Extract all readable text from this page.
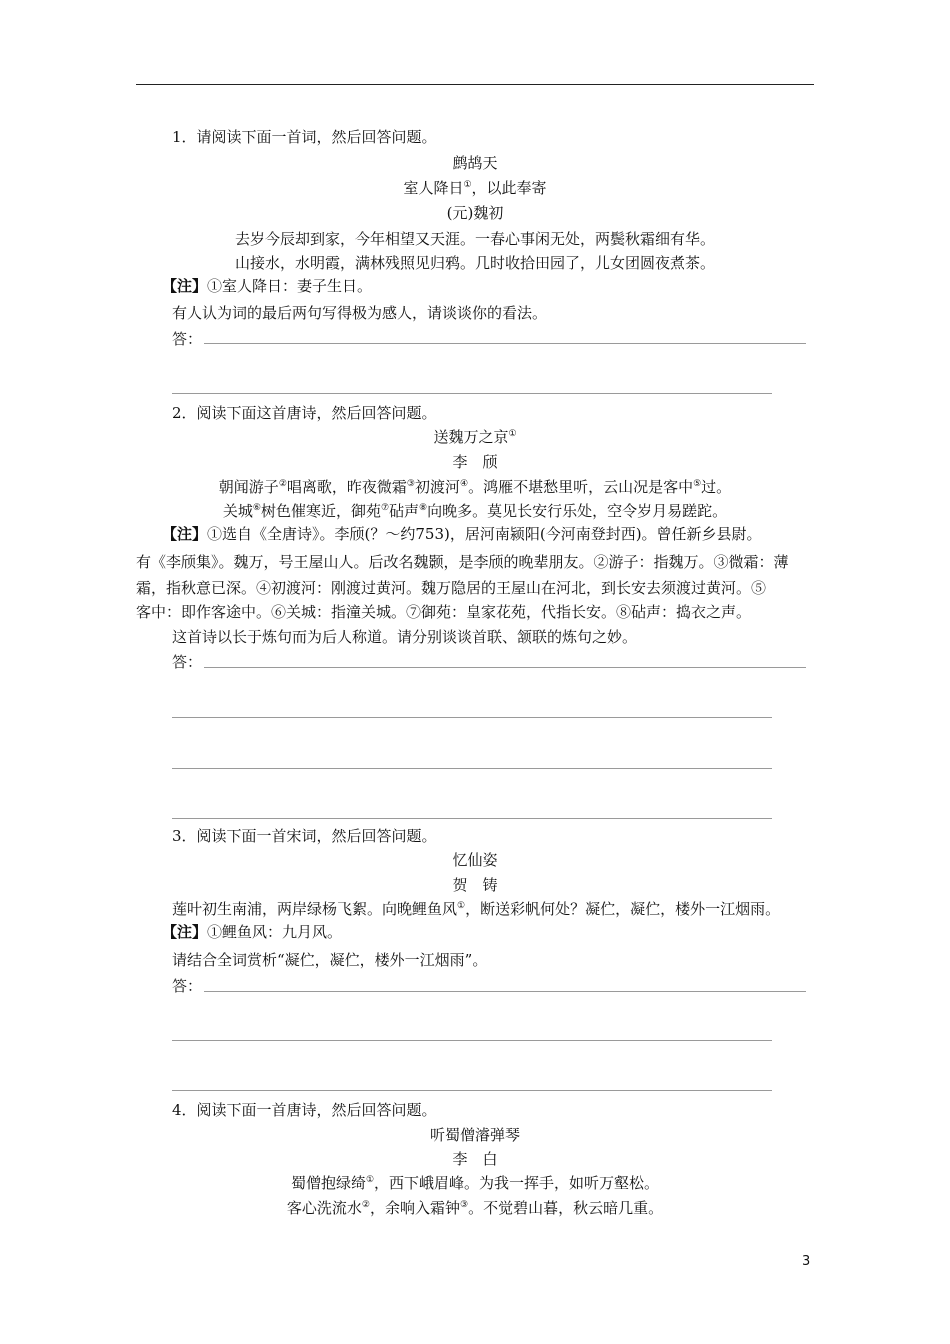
1．请阅读下面一首词，然后回答问题。
鹧鸪天
室人降日①，以此奉寄
(元)魏初
去岁今辰却到家，今年相望又天涯。一春心事闲无处，两鬓秋霜细有华。
山接水，水明霞，满林残照见归鸦。几时收拾田园了，儿女团圆夜煮茶。
【注】①室人降日：妻子生日。
有人认为词的最后两句写得极为感人，请谈谈你的看法。
答：
2．阅读下面这首唐诗，然后回答问题。
送魏万之京①
李　颀
朝闻游子②唱离歌，昨夜微霜③初渡河④。鸿雁不堪愁里听，云山况是客中⑤过。
关城⑥树色催寒近，御苑⑦砧声⑧向晚多。莫见长安行乐处，空令岁月易蹉跎。
【注】①选自《全唐诗》。李颀(？～约753)，居河南颍阳(今河南登封西)。曾任新乡县尉。
有《李颀集》。魏万，号王屋山人。后改名魏颢，是李颀的晚辈朋友。②游子：指魏万。③微霜：薄
霜，指秋意已深。④初渡河：刚渡过黄河。魏万隐居的王屋山在河北，到长安去须渡过黄河。⑤
客中：即作客途中。⑥关城：指潼关城。⑦御苑：皇家花苑，代指长安。⑧砧声：捣衣之声。
这首诗以长于炼句而为后人称道。请分别谈谈首联、颔联的炼句之妙。
答：
3．阅读下面一首宋词，然后回答问题。
忆仙姿
贺　铸
莲叶初生南浦，两岸绿杨飞絮。向晚鲤鱼风①，断送彩帆何处？凝伫，凝伫，楼外一江烟雨。
【注】①鲤鱼风：九月风。
请结合全词赏析“凝伫，凝伫，楼外一江烟雨”。
答：
4．阅读下面一首唐诗，然后回答问题。
听蜀僧濬弹琴
李　白
蜀僧抱绿绮①，西下峨眉峰。为我一挥手，如听万壑松。
客心洗流水②，余响入霜钟③。不觉碧山暮，秋云暗几重。
3
